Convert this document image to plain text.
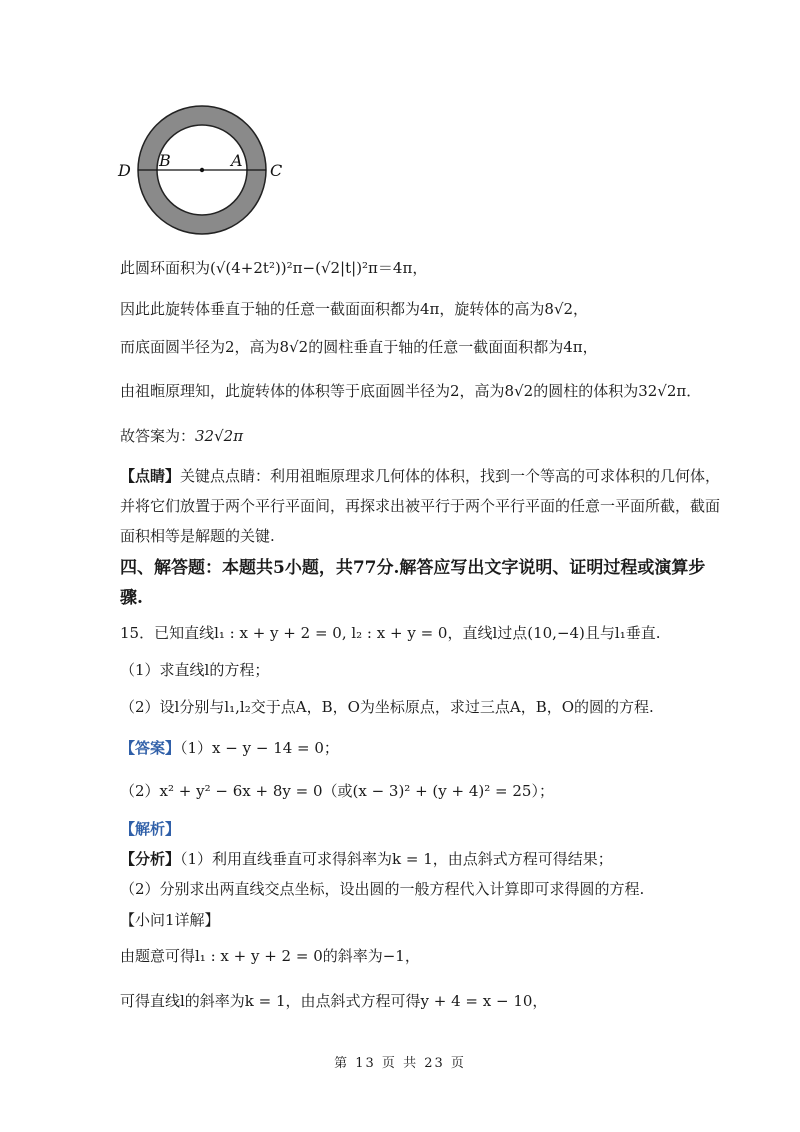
D
B	A
C
此圆环面积为(√(4+2t²))²π−(√2|t|)²π＝4π，
因此此旋转体垂直于轴的任意一截面面积都为4π，旋转体的高为8√2，
而底面圆半径为2，高为8√2的圆柱垂直于轴的任意一截面面积都为4π，
由祖暅原理知，此旋转体的体积等于底面圆半径为2，高为8√2的圆柱的体积为32√2π．
故答案为：32√2π
【点睛】关键点点睛：利用祖暅原理求几何体的体积，找到一个等高的可求体积的几何体，
并将它们放置于两个平行平面间，再探求出被平行于两个平行平面的任意一平面所截，截面
面积相等是解题的关键.
四、解答题：本题共5小题，共77分.解答应写出文字说明、证明过程或演算步
骤.
15．已知直线l₁ : x + y + 2 = 0, l₂ : x + y = 0，直线l过点(10,−4)且与l₁垂直.
（1）求直线l的方程；
（2）设l分别与l₁,l₂交于点A，B，O为坐标原点，求过三点A，B，O的圆的方程.
【答案】（1）x − y − 14 = 0；
（2）x² + y² − 6x + 8y = 0（或(x − 3)² + (y + 4)² = 25）；
【解析】
【分析】（1）利用直线垂直可求得斜率为k = 1，由点斜式方程可得结果；
（2）分别求出两直线交点坐标，设出圆的一般方程代入计算即可求得圆的方程.
【小问1详解】
由题意可得l₁ : x + y + 2 = 0的斜率为−1，
可得直线l的斜率为k = 1，由点斜式方程可得y + 4 = x − 10，
第 13 页 共 23 页
